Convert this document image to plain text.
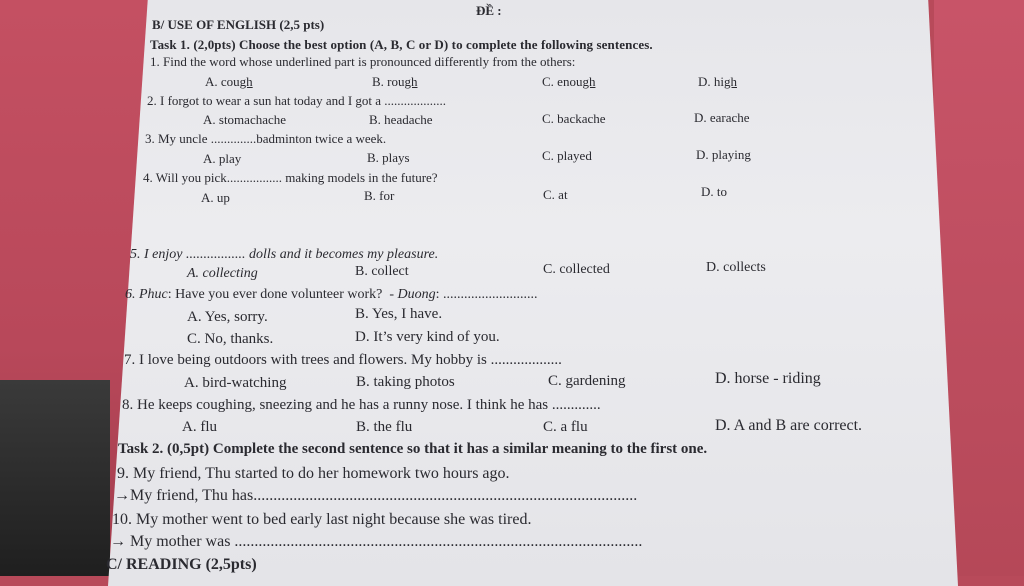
ĐỀ :
B/ USE OF ENGLISH (2,5 pts)
Task 1. (2,0pts) Choose the best option (A, B, C or D) to complete the following sentences.
1. Find the word whose underlined part is pronounced differently from the others:
A. cough	B. rough	C. enough	D. high
2. I forgot to wear a sun hat today and I got a ...................
A. stomachache	B. headache	C. backache	D. earache
3. My uncle ..............badminton twice a week.
A. play	B. plays	C. played	D. playing
4. Will you pick................. making models in the future?
A. up	B. for	C. at	D. to
5. I enjoy ................. dolls and it becomes my pleasure.
A. collecting	B. collect	C. collected	D. collects
6. Phuc: Have you ever done volunteer work? - Duong: ...........................
A. Yes, sorry.	B. Yes, I have.
C. No, thanks.	D. It’s very kind of you.
7. I love being outdoors with trees and flowers. My hobby is ...................
A. bird-watching	B. taking photos	C. gardening	D. horse - riding
8. He keeps coughing, sneezing and he has a runny nose. I think he has .............
A. flu	B. the flu	C. a flu	D. A and B are correct.
Task 2. (0,5pt) Complete the second sentence so that it has a similar meaning to the first one.
9. My friend, Thu started to do her homework two hours ago.
→My friend, Thu has................................................................................................
10. My mother went to bed early last night because she was tired.
→ My mother was ......................................................................................................
C/ READING (2,5pts)
